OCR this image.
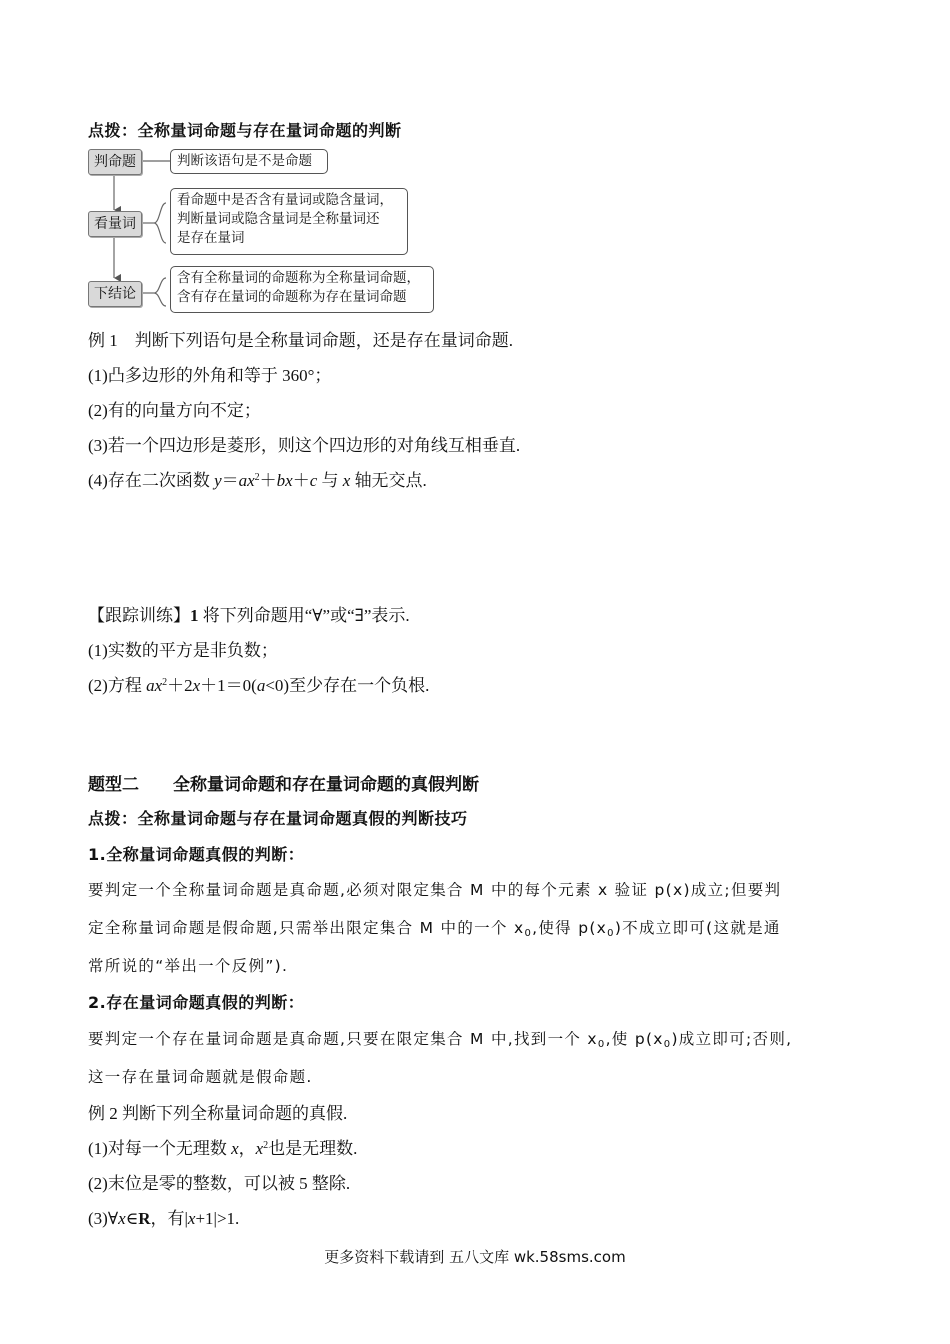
点拨：全称量词命题与存在量词命题的判断
判命题
看量词
下结论
判断该语句是不是命题
看命题中是否含有量词或隐含量词，
判断量词或隐含量词是全称量词还
是存在量词
含有全称量词的命题称为全称量词命题，
含有存在量词的命题称为存在量词命题
例 1　判断下列语句是全称量词命题，还是存在量词命题.
(1)凸多边形的外角和等于 360°；
(2)有的向量方向不定；
(3)若一个四边形是菱形，则这个四边形的对角线互相垂直.
(4)存在二次函数 $y=ax^2+bx+c$ 与 x 轴无交点.
【跟踪训练】1 将下列命题用“∀”或“∃”表示.
(1)实数的平方是非负数；
(2)方程 $ax^2+2x+1=0(a<0)$至少存在一个负根.
题型二　　全称量词命题和存在量词命题的真假判断
点拨：全称量词命题与存在量词命题真假的判断技巧
1.全称量词命题真假的判断：
要判定一个全称量词命题是真命题,必须对限定集合 M 中的每个元素 x 验证 p(x)成立;但要判
定全称量词命题是假命题,只需举出限定集合 M 中的一个 $x_0$,使得 $p(x_0)$不成立即可(这就是通
常所说的“举出一个反例”).
2.存在量词命题真假的判断：
要判定一个存在量词命题是真命题,只要在限定集合 M 中,找到一个 $x_0$,使 $p(x_0)$成立即可;否则,
这一存在量词命题就是假命题.
例 2 判断下列全称量词命题的真假.
(1)对每一个无理数 x，$x^2$也是无理数.
(2)末位是零的整数，可以被 5 整除.
(3)∀x∈R，有|x+1|>1.
更多资料下载请到 五八文库 wk.58sms.com
